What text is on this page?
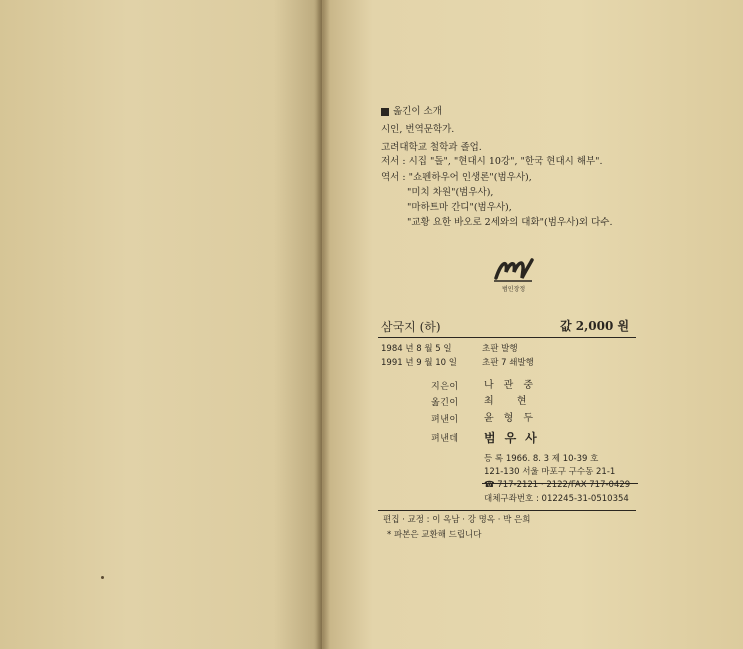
옮긴이 소개
시인, 번역문학가.
고려대학교 철학과 졸업.
저서 : 시집 "돌", "현대시 10강", "한국 현대시 해부".
역서 : "쇼펜하우어 인생론"(범우사),
"미치 차원"(범우사),
"마하트마 간디"(범우사),
"교황 요한 바오로 2세와의 대화"(범우사)외 다수.
범인장정
삼국지 (하)	값 2,000 원
1984 년 8 월 5 일	초판 발행
1991 년 9 월 10 일	초판 7 쇄발행
지은이	나관중
옮긴이	최 현
펴낸이	윤형두
펴낸데 범우사
등 록 1966. 8. 3 제 10-39 호
121-130 서울 마포구 구수동 21-1
☎ 717-2121 · 2122/FAX 717-0429
대체구좌번호 : 012245-31-0510354
편집 · 교정 : 이 옥남 · 강 명옥 · 박 은희
* 파본은 교환해 드립니다
